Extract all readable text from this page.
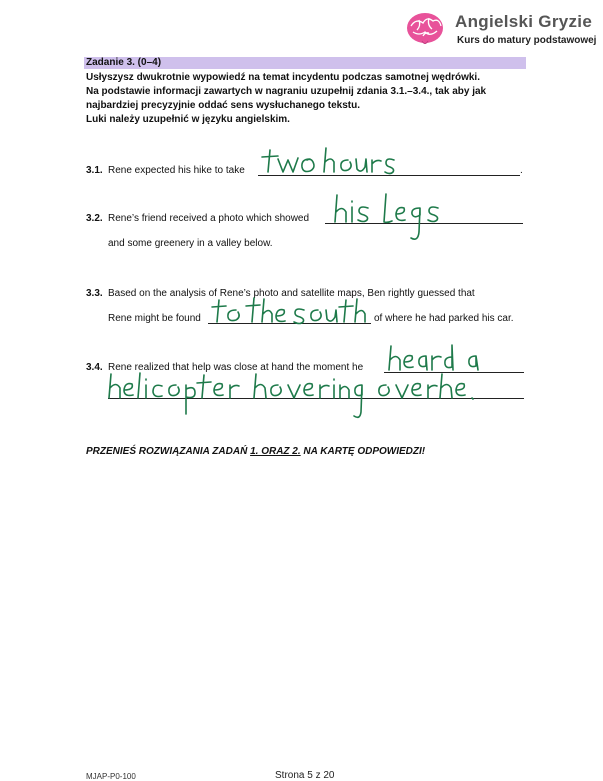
Angielski Gryzie
Kurs do matury podstawowej
Zadanie 3. (0–4)
Usłyszysz dwukrotnie wypowiedź na temat incydentu podczas samotnej wędrówki.
Na podstawie informacji zawartych w nagraniu uzupełnij zdania 3.1.–3.4., tak aby jak
najbardziej precyzyjnie oddać sens wysłuchanego tekstu.
Luki należy uzupełnić w języku angielskim.
3.1. Rene expected his hike to take	.
3.2. Rene’s friend received a photo which showed
and some greenery in a valley below.
3.3. Based on the analysis of Rene’s photo and satellite maps, Ben rightly guessed that
Rene might be found	of where he had parked his car.
3.4. Rene realized that help was close at hand the moment he
PRZENIEŚ ROZWIĄZANIA ZADAŃ 1. ORAZ 2. NA KARTĘ ODPOWIEDZI!
MJAP-P0-100	Strona 5 z 20
